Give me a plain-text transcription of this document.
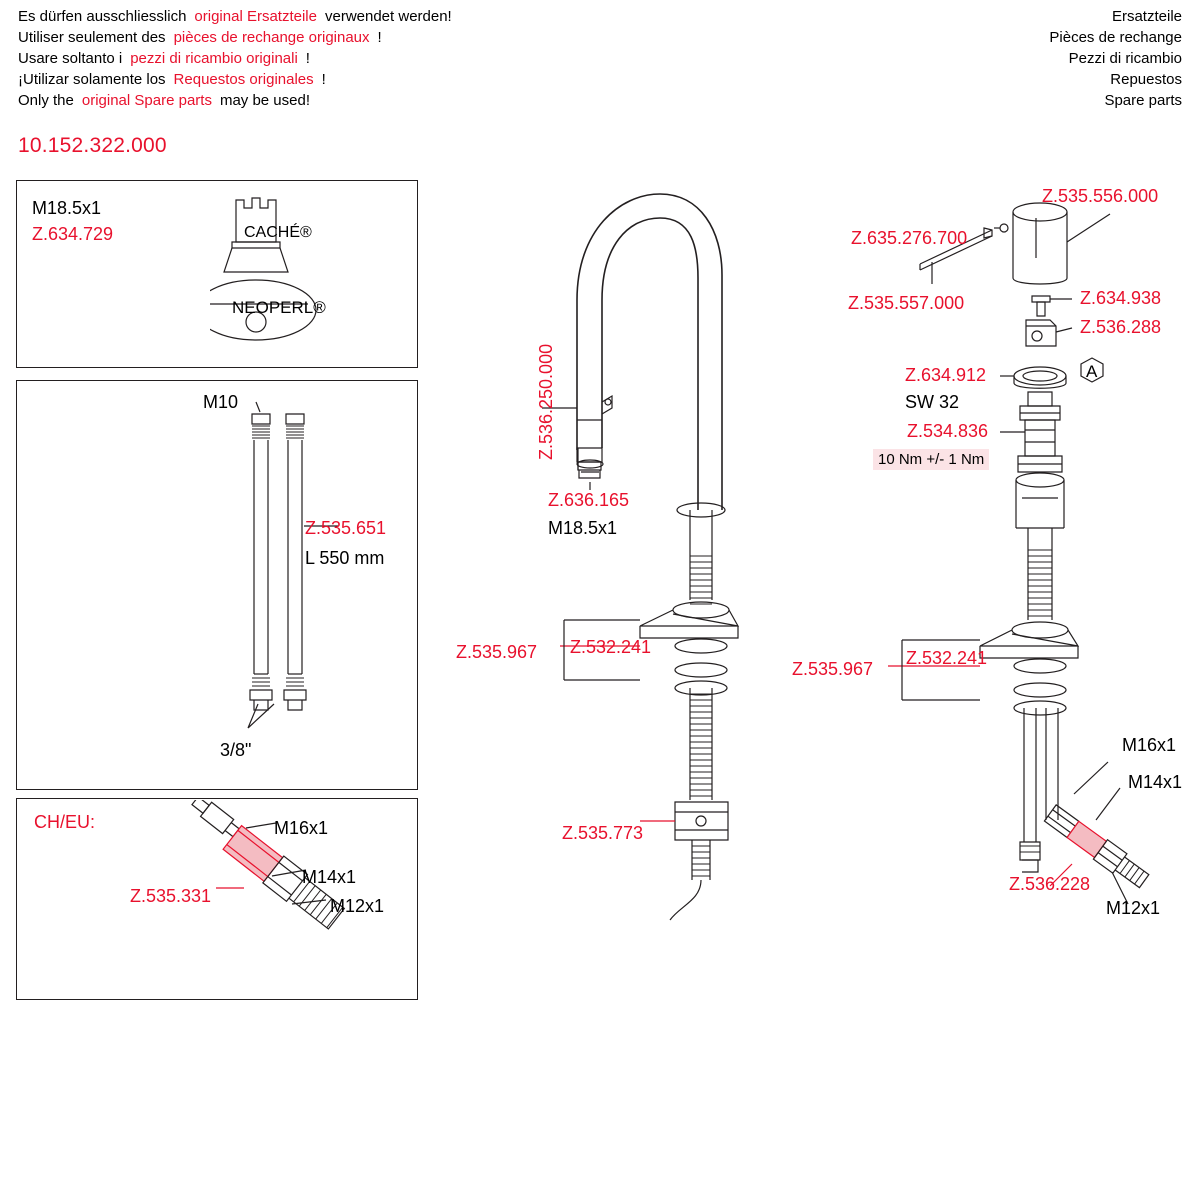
Es dürfen ausschliesslich original Ersatzteile verwendet werden!
Utiliser seulement des pièces de rechange originaux !
Usare soltanto i pezzi di ricambio originali !
¡Utilizar solamente los Requestos originales !
Only the original Spare parts may be used!
Ersatzteile
Pièces de rechange
Pezzi di ricambio
Repuestos
Spare parts
10.152.322.000
M18.5x1
Z.634.729	CACHÉ®
NEOPERL®
M10
Z.535.651
L 550 mm
3/8"
CH/EU:	M16x1
M14x1
M12x1
Z.535.331
Z.536.250.000
Z.636.165
M18.5x1
Z.535.967 Z.532.241
Z.535.773
Z.535.556.000
Z.635.276.700
Z.535.557.000	Z.634.938
Z.536.288
Z.634.912
SW 32
A
Z.534.836
10 Nm +/- 1 Nm
Z.535.967
Z.532.241
M16x1
M14x1
Z.536.228
M12x1
